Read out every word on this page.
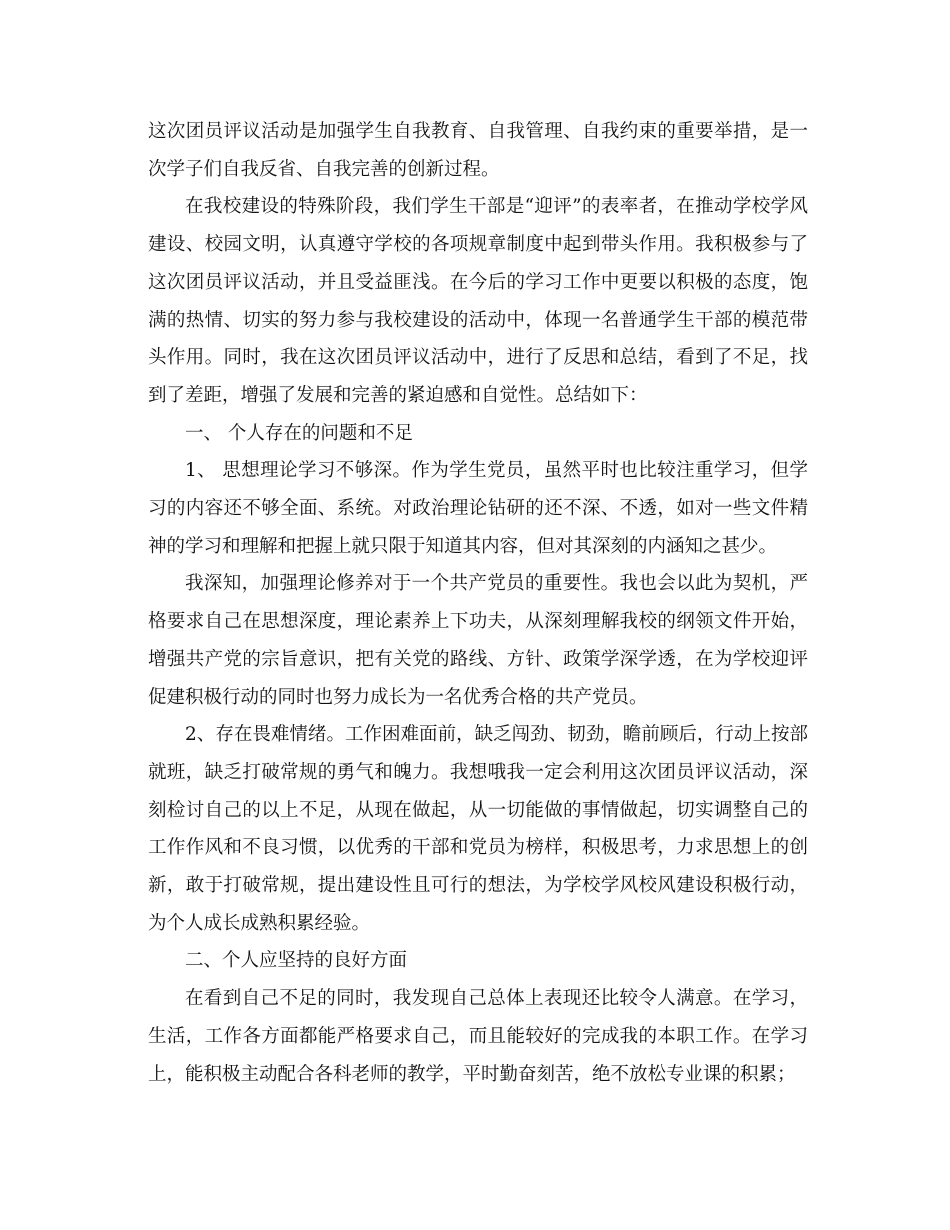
这次团员评议活动是加强学生自我教育、自我管理、自我约束的重要举措，是一次学子们自我反省、自我完善的创新过程。

在我校建设的特殊阶段，我们学生干部是“迎评”的表率者，在推动学校学风建设、校园文明，认真遵守学校的各项规章制度中起到带头作用。我积极参与了这次团员评议活动，并且受益匪浅。在今后的学习工作中更要以积极的态度，饱满的热情、切实的努力参与我校建设的活动中，体现一名普通学生干部的模范带头作用。同时，我在这次团员评议活动中，进行了反思和总结，看到了不足，找到了差距，增强了发展和完善的紧迫感和自觉性。总结如下：

一、 个人存在的问题和不足

1、 思想理论学习不够深。作为学生党员，虽然平时也比较注重学习，但学习的内容还不够全面、系统。对政治理论钻研的还不深、不透，如对一些文件精神的学习和理解和把握上就只限于知道其内容，但对其深刻的内涵知之甚少。

我深知，加强理论修养对于一个共产党员的重要性。我也会以此为契机，严格要求自己在思想深度，理论素养上下功夫，从深刻理解我校的纲领文件开始，增强共产党的宗旨意识，把有关党的路线、方针、政策学深学透，在为学校迎评促建积极行动的同时也努力成长为一名优秀合格的共产党员。

2、存在畏难情绪。工作困难面前，缺乏闯劲、韧劲，瞻前顾后，行动上按部就班，缺乏打破常规的勇气和魄力。我想哦我一定会利用这次团员评议活动，深刻检讨自己的以上不足，从现在做起，从一切能做的事情做起，切实调整自己的工作作风和不良习惯，以优秀的干部和党员为榜样，积极思考，力求思想上的创新，敢于打破常规，提出建设性且可行的想法，为学校学风校风建设积极行动，为个人成长成熟积累经验。

二、个人应坚持的良好方面

在看到自己不足的同时，我发现自己总体上表现还比较令人满意。在学习，生活，工作各方面都能严格要求自己，而且能较好的完成我的本职工作。在学习上，能积极主动配合各科老师的教学，平时勤奋刻苦，绝不放松专业课的积累；
